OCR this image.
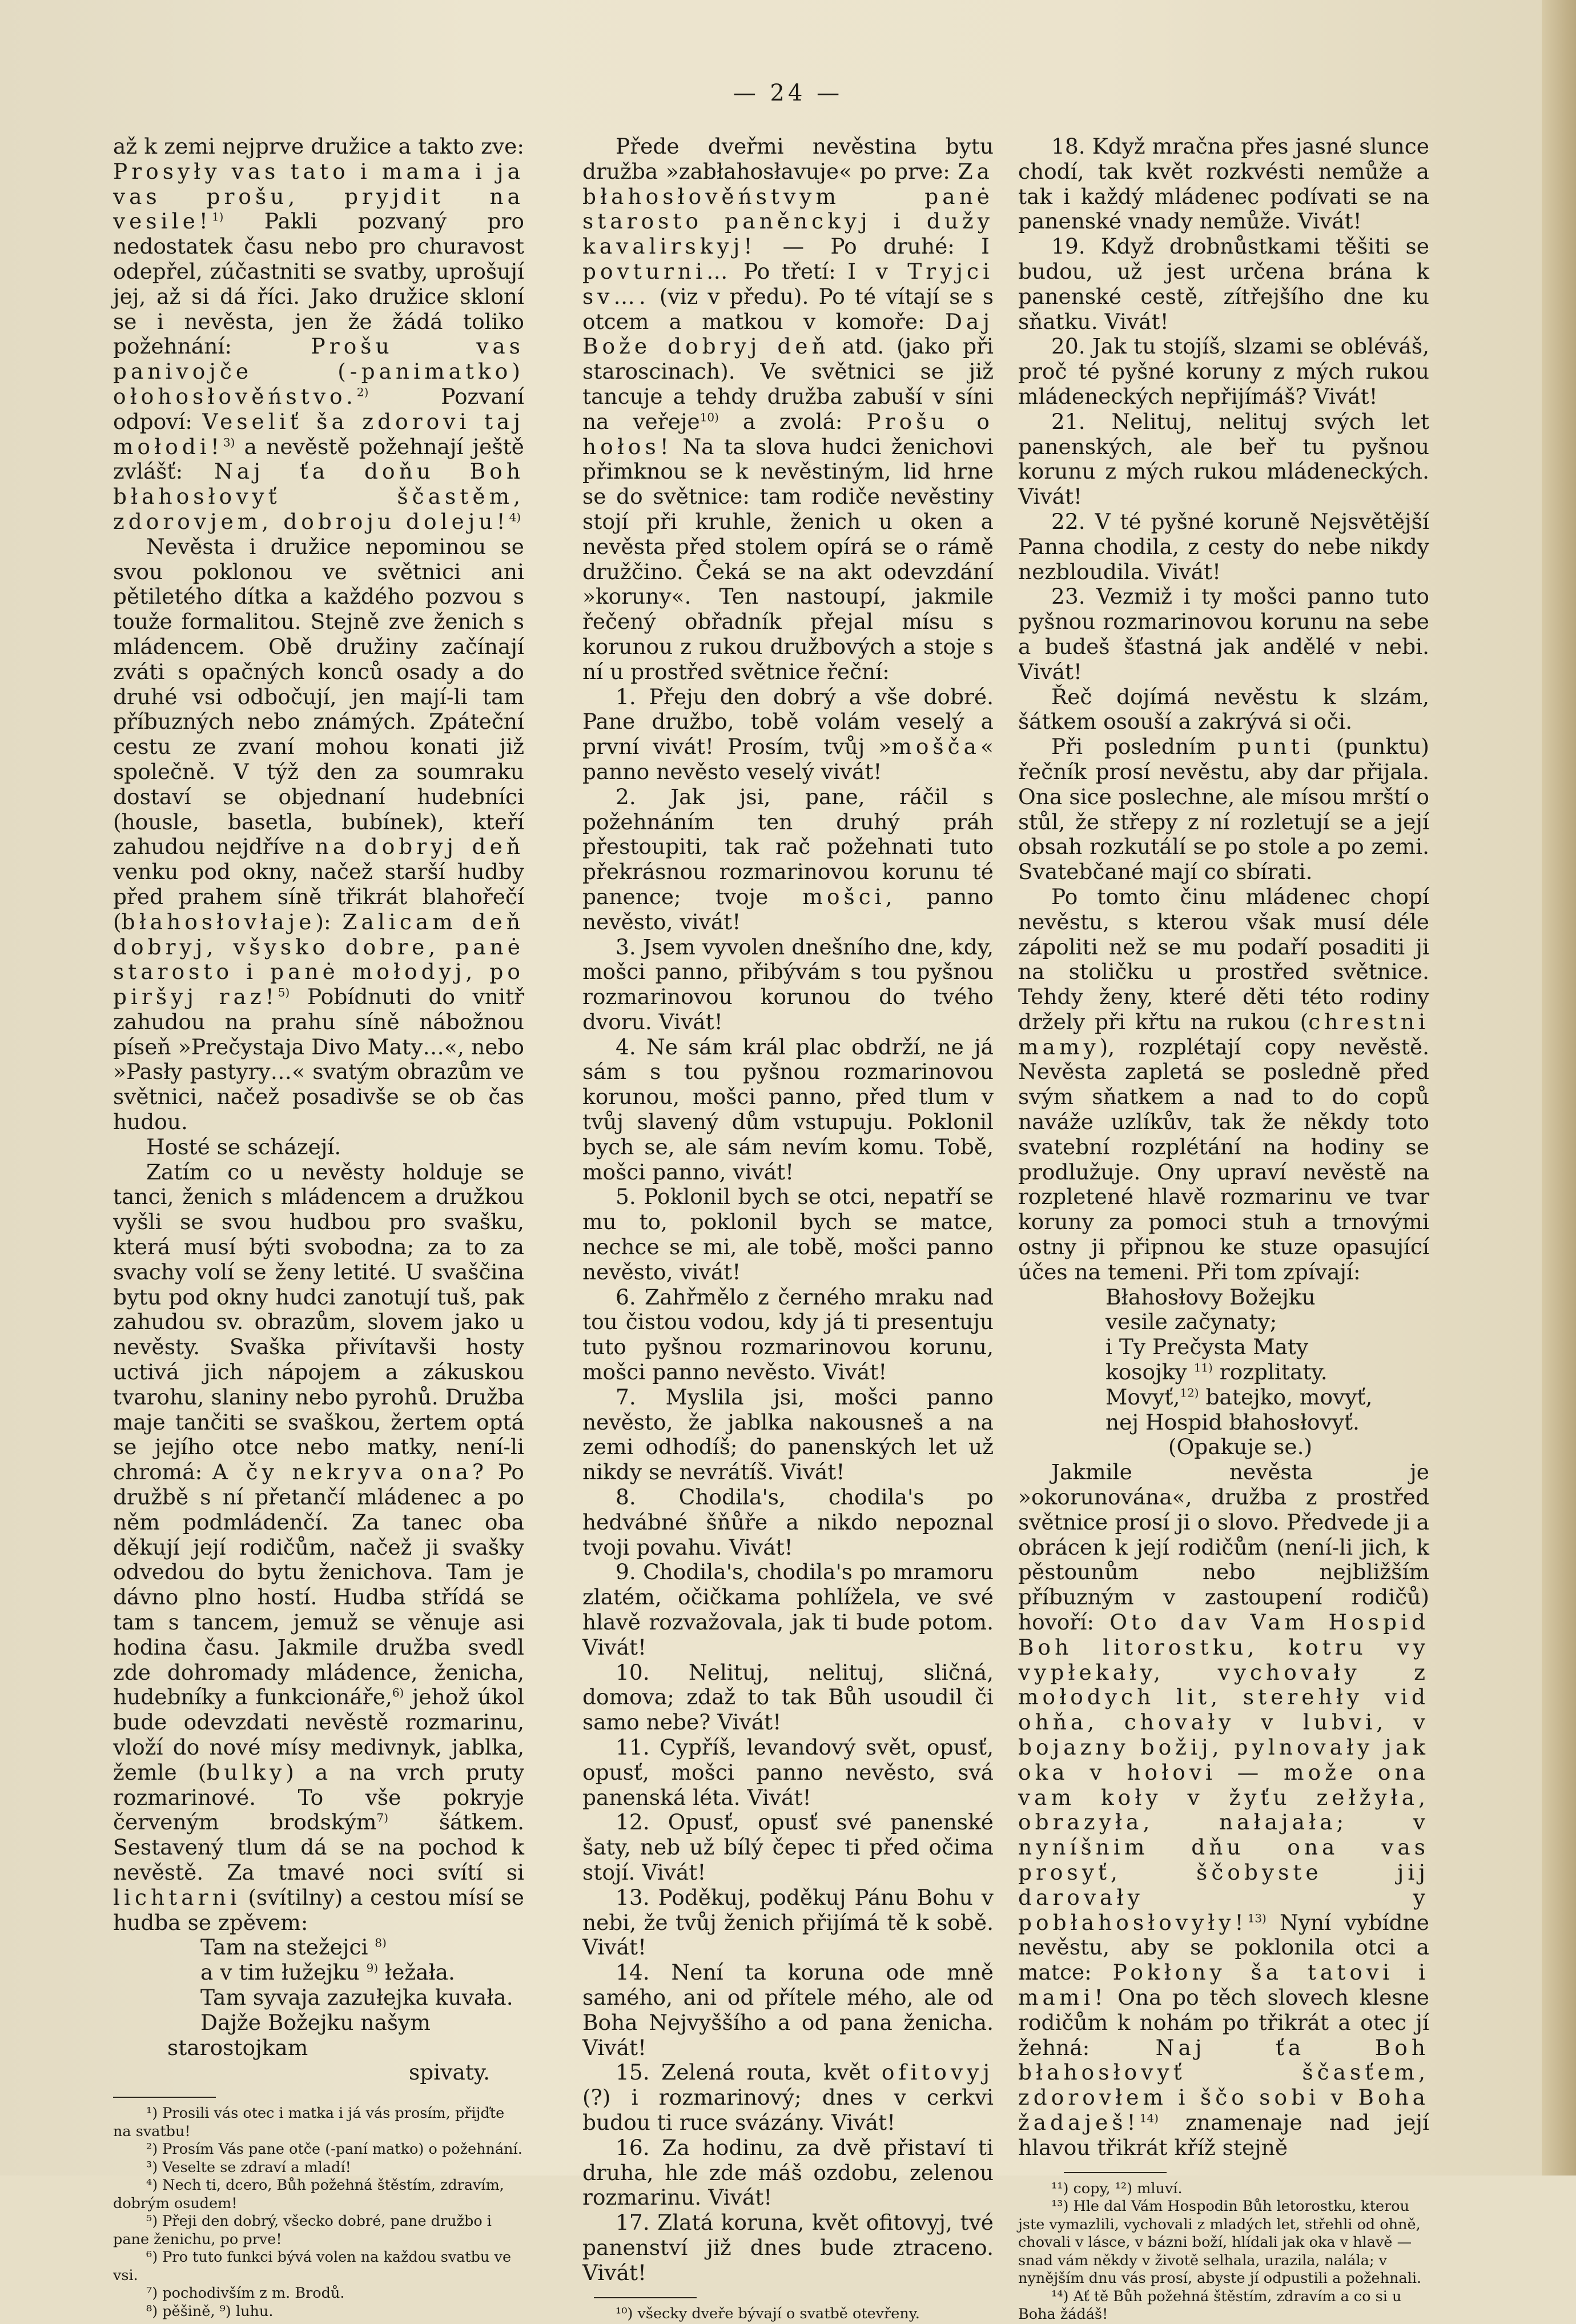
— 24 —

až k zemi nejprve družice a takto zve: Prosyły vas tato i mama i ja vas prošu, pryjdit na vesile!$^{1)}$ Pakli pozvaný pro nedostatek času nebo pro churavost odepřel, zúčastniti se svatby, uprošují jej, až si dá říci. Jako družice skloní se i nevěsta, jen že žádá toliko požehnání: Prošu vas panivojče (-panimatko) ołohosłověństvo.$^{2)}$ Pozvaní odpoví: Veseliť ša zdorovi taj mołodi!$^{3)}$ a nevěstě požehnají ještě zvlášť: Naj ťa doňu Boh błahosłovyť ščastěm, zdorovjem, dobroju doleju!$^{4)}$

Nevěsta i družice nepominou se svou poklonou ve světnici ani pětiletého dítka a každého pozvou s touže formalitou. Stejně zve ženich s mládencem. Obě družiny začínají zváti s opačných konců osady a do druhé vsi odbočují, jen mají-li tam příbuzných nebo známých. Zpáteční cestu ze zvaní mohou konati již společně. V týž den za soumraku dostaví se objednaní hudebníci (housle, basetla, bubínek), kteří zahudou nejdříve na dobryj deň venku pod okny, načež starší hudby před prahem síně třikrát blahořečí (błahosłovłaje): Zalicam deň dobryj, všysko dobre, panė starosto i panė mołodyj, po piršyj raz!$^{5)}$ Pobídnuti do vnitř zahudou na prahu síně nábožnou píseň »Prečystaja Divo Maty…«, nebo »Pasły pastyry…« svatým obrazům ve světnici, načež posadivše se ob čas hudou.

Hosté se scházejí.

Zatím co u nevěsty holduje se tanci, ženich s mládencem a družkou vyšli se svou hudbou pro svašku, která musí býti svobodna; za to za svachy volí se ženy letité. U svaščina bytu pod okny hudci zanotují tuš, pak zahudou sv. obrazům, slovem jako u nevěsty. Svaška přivítavši hosty uctivá jich nápojem a zákuskou tvarohu, slaniny nebo pyrohů. Družba maje tančiti se svaškou, žertem optá se jejího otce nebo matky, není-li chromá: A čy nekryva ona? Po družbě s ní přetančí mládenec a po něm podmládenčí. Za tanec oba děkují její rodičům, načež ji svašky odvedou do bytu ženichova. Tam je dávno plno hostí. Hudba střídá se tam s tancem, jemuž se věnuje asi hodina času. Jakmile družba svedl zde dohromady mládence, ženicha, hudebníky a funkcionáře,$^{6)}$ jehož úkol bude odevzdati nevěstě rozmarinu, vloží do nové mísy medivnyk, jablka, žemle (bulky) a na vrch pruty rozmarinové. To vše pokryje červeným brodským$^{7)}$ šátkem. Sestavený tlum dá se na pochod k nevěstě. Za tmavé noci svítí si lichtarni (svítilny) a cestou mísí se hudba se zpěvem:

Tam na stežejci $^{8)}$

a v tim łužejku $^{9)}$ łežała.

Tam syvaja zazułejka kuvała.

Dajže Božejku našym starostojkam

spivaty.

¹) Prosili vás otec i matka i já vás prosím, přijďte na svatbu!

²) Prosím Vás pane otče (-paní matko) o požehnání.

³) Veselte se zdraví a mladí!

⁴) Nech ti, dcero, Bůh požehná štěstím, zdravím, dobrým osudem!

⁵) Přeji den dobrý, všecko dobré, pane družbo i pane ženichu, po prve!

⁶) Pro tuto funkci bývá volen na každou svatbu ve vsi.

⁷) pochodivším z m. Brodů.

⁸) pěšině, ⁹) luhu.

Přede dveřmi nevěstina bytu družba »zabłahosłavuje« po prve: Za błahosłověństvym panė starosto paněnckyj i dužy kavalirskyj! — Po druhé: I povturni… Po třetí: I v Tryjci sv…. (viz v předu). Po té vítají se s otcem a matkou v komoře: Daj Bože dobryj deň atd. (jako při staroscinach). Ve světnici se již tancuje a tehdy družba zabuší v síni na veřeje$^{10)}$ a zvolá: Prošu o hołos! Na ta slova hudci ženichovi přimknou se k nevěstiným, lid hrne se do světnice: tam rodiče nevěstiny stojí při kruhle, ženich u oken a nevěsta před stolem opírá se o rámě družčino. Čeká se na akt odevzdání »koruny«. Ten nastoupí, jakmile řečený obřadník přejal mísu s korunou z rukou družbových a stoje s ní u prostřed světnice řeční:

1. Přeju den dobrý a vše dobré. Pane družbo, tobě volám veselý a první vivát! Prosím, tvůj »mošča« panno nevěsto veselý vivát!

2. Jak jsi, pane, ráčil s požehnáním ten druhý práh přestoupiti, tak rač požehnati tuto překrásnou rozmarinovou korunu té panence; tvoje mošci, panno nevěsto, vivát!

3. Jsem vyvolen dnešního dne, kdy, mošci panno, přibývám s tou pyšnou rozmarinovou korunou do tvého dvoru. Vivát!

4. Ne sám král plac obdrží, ne já sám s tou pyšnou rozmarinovou korunou, mošci panno, před tlum v tvůj slavený dům vstupuju. Poklonil bych se, ale sám nevím komu. Tobě, mošci panno, vivát!

5. Poklonil bych se otci, nepatří se mu to, poklonil bych se matce, nechce se mi, ale tobě, mošci panno nevěsto, vivát!

6. Zahřmělo z černého mraku nad tou čistou vodou, kdy já ti presentuju tuto pyšnou rozmarinovou korunu, mošci panno nevěsto. Vivát!

7. Myslila jsi, mošci panno nevěsto, že jablka nakousneš a na zemi odhodíš; do panenských let už nikdy se nevrátíš. Vivát!

8. Chodila's, chodila's po hedvábné šňůře a nikdo nepoznal tvoji povahu. Vivát!

9. Chodila's, chodila's po mramoru zlatém, očičkama pohlížela, ve své hlavě rozvažovala, jak ti bude potom. Vivát!

10. Nelituj, nelituj, sličná, domova; zdaž to tak Bůh usoudil či samo nebe? Vivát!

11. Cypříš, levandový svět, opusť, opusť, mošci panno nevěsto, svá panenská léta. Vivát!

12. Opusť, opusť své panenské šaty, neb už bílý čepec ti před očima stojí. Vivát!

13. Poděkuj, poděkuj Pánu Bohu v nebi, že tvůj ženich přijímá tě k sobě. Vivát!

14. Není ta koruna ode mně samého, ani od přítele mého, ale od Boha Nejvyššího a od pana ženicha. Vivát!

15. Zelená routa, květ ofitovyj (?) i rozmarinový; dnes v cerkvi budou ti ruce svázány. Vivát!

16. Za hodinu, za dvě přistaví ti druha, hle zde máš ozdobu, zelenou rozmarinu. Vivát!

17. Zlatá koruna, květ ofitovyj, tvé panenství již dnes bude ztraceno. Vivát!

¹⁰) všecky dveře bývají o svatbě otevřeny.

18. Když mračna přes jasné slunce chodí, tak květ rozkvésti nemůže a tak i každý mládenec podívati se na panenské vnady nemůže. Vivát!

19. Když drobnůstkami těšiti se budou, už jest určena brána k panenské cestě, zítřejšího dne ku sňatku. Vivát!

20. Jak tu stojíš, slzami se obléváš, proč té pyšné koruny z mých rukou mládeneckých nepřijímáš? Vivát!

21. Nelituj, nelituj svých let panenských, ale beř tu pyšnou korunu z mých rukou mládeneckých. Vivát!

22. V té pyšné koruně Nejsvětější Panna chodila, z cesty do nebe nikdy nezbloudila. Vivát!

23. Vezmiž i ty mošci panno tuto pyšnou rozmarinovou korunu na sebe a budeš šťastná jak andělé v nebi. Vivát!

Řeč dojímá nevěstu k slzám, šátkem osouší a zakrývá si oči.

Při posledním punti (punktu) řečník prosí nevěstu, aby dar přijala. Ona sice poslechne, ale mísou mrští o stůl, že střepy z ní rozletují se a její obsah rozkutálí se po stole a po zemi. Svatebčané mají co sbírati.

Po tomto činu mládenec chopí nevěstu, s kterou však musí déle zápoliti než se mu podaří posaditi ji na stoličku u prostřed světnice. Tehdy ženy, které děti této rodiny držely při křtu na rukou (chrestni mamy), rozplétají copy nevěstě. Nevěsta zapletá se posledně před svým sňatkem a nad to do copů naváže uzlíkův, tak že někdy toto svatební rozplétání na hodiny se prodlužuje. Ony upraví nevěstě na rozpletené hlavě rozmarinu ve tvar koruny za pomoci stuh a trnovými ostny ji připnou ke stuze opasující účes na temeni. Při tom zpívají:

Błahosłovy Božejku

vesile začynaty;

i Ty Prečysta Maty

kosojky $^{11)}$ rozplitaty.

Movyť,$^{12)}$ batejko, movyť,

nej Hospid błahosłovyť.

(Opakuje se.)

Jakmile nevěsta je »okorunována«, družba z prostřed světnice prosí ji o slovo. Předvede ji a obrácen k její rodičům (není-li jich, k pěstounům nebo nejbližším příbuzným v zastoupení rodičů) hovoří: Oto dav Vam Hospid Boh litorostku, kotru vy vypłekały, vychovały z mołodych lit, sterehły vid ohňa, chovały v lubvi, v bojazny božij, pylnovały jak oka v hołovi — može ona vam koły v žyťu zełžyła, obrazyła, nałajała; v nyníšnim dňu ona vas prosyť, ščobyste jij darovały y pobłahosłovyły!$^{13)}$ Nyní vybídne nevěstu, aby se poklonila otci a matce: Pokłony ša tatovi i mami! Ona po těch slovech klesne rodičům k nohám po třikrát a otec jí žehná: Naj ťa Boh błahosłovyť ščasťem, zdorovłem i ščo sobi v Boha žadaješ!$^{14)}$ znamenaje nad její hlavou třikrát kříž stejně

¹¹) copy, ¹²) mluví.

¹³) Hle dal Vám Hospodin Bůh letorostku, kterou jste vymazlili, vychovali z mladých let, střehli od ohně, chovali v lásce, v bázni boží, hlídali jak oka v hlavě — snad vám někdy v životě selhala, urazila, nalála; v nynějším dnu vás prosí, abyste jí odpustili a požehnali.

¹⁴) Ať tě Bůh požehná štěstím, zdravím a co si u Boha žádáš!
